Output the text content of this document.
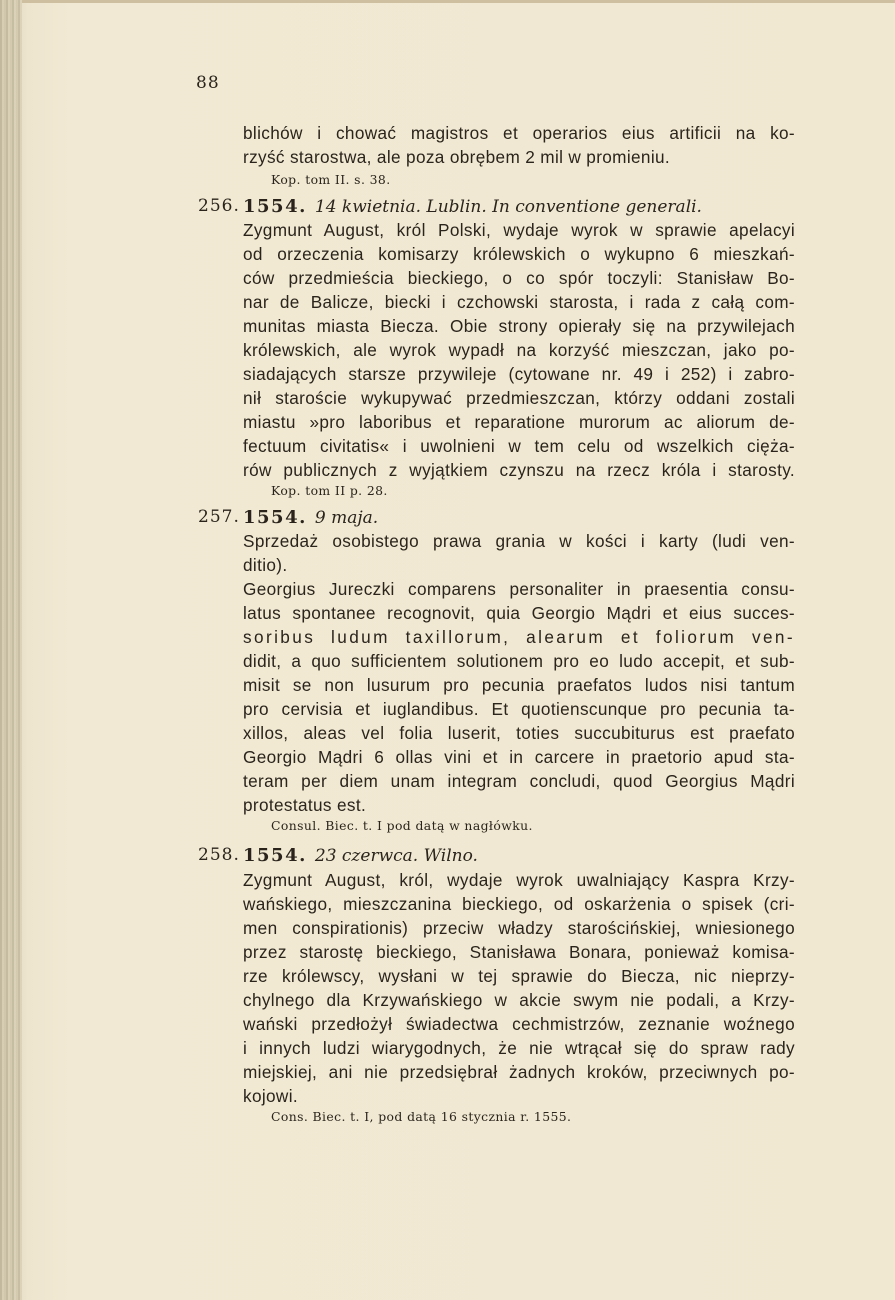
88
blichów i chować magistros et operarios eius artificii na ko-
rzyść starostwa, ale poza obrębem 2 mil w promieniu.
Kop. tom II. s. 38.
256. 1554. 14 kwietnia. Lublin. In conventione generali.
Zygmunt August, król Polski, wydaje wyrok w sprawie apelacyi
od orzeczenia komisarzy królewskich o wykupno 6 mieszkań-
ców przedmieścia bieckiego, o co spór toczyli: Stanisław Bo-
nar de Balicze, biecki i czchowski starosta, i rada z całą com-
munitas miasta Biecza. Obie strony opierały się na przywilejach
królewskich, ale wyrok wypadł na korzyść mieszczan, jako po-
siadających starsze przywileje (cytowane nr. 49 i 252) i zabro-
nił staroście wykupywać przedmieszczan, którzy oddani zostali
miastu »pro laboribus et reparatione murorum ac aliorum de-
fectuum civitatis« i uwolnieni w tem celu od wszelkich cięża-
rów publicznych z wyjątkiem czynszu na rzecz króla i starosty.
Kop. tom II p. 28.
257. 1554. 9 maja.
Sprzedaż osobistego prawa grania w kości i karty (ludi ven-
ditio).
Georgius Jureczki comparens personaliter in praesentia consu-
latus spontanee recognovit, quia Georgio Mądri et eius succes-
soribus ludum taxillorum, alearum et foliorum ven-
didit, a quo sufficientem solutionem pro eo ludo accepit, et sub-
misit se non lusurum pro pecunia praefatos ludos nisi tantum
pro cervisia et iuglandibus. Et quotienscunque pro pecunia ta-
xillos, aleas vel folia luserit, toties succubiturus est praefato
Georgio Mądri 6 ollas vini et in carcere in praetorio apud sta-
teram per diem unam integram concludi, quod Georgius Mądri
protestatus est.
Consul. Biec. t. I pod datą w nagłówku.
258. 1554. 23 czerwca. Wilno.
Zygmunt August, król, wydaje wyrok uwalniający Kaspra Krzy-
wańskiego, mieszczanina bieckiego, od oskarżenia o spisek (cri-
men conspirationis) przeciw władzy starościńskiej, wniesionego
przez starostę bieckiego, Stanisława Bonara, ponieważ komisa-
rze królewscy, wysłani w tej sprawie do Biecza, nic nieprzy-
chylnego dla Krzywańskiego w akcie swym nie podali, a Krzy-
wański przedłożył świadectwa cechmistrzów, zeznanie woźnego
i innych ludzi wiarygodnych, że nie wtrącał się do spraw rady
miejskiej, ani nie przedsiębrał żadnych kroków, przeciwnych po-
kojowi.
Cons. Biec. t. I, pod datą 16 stycznia r. 1555.
